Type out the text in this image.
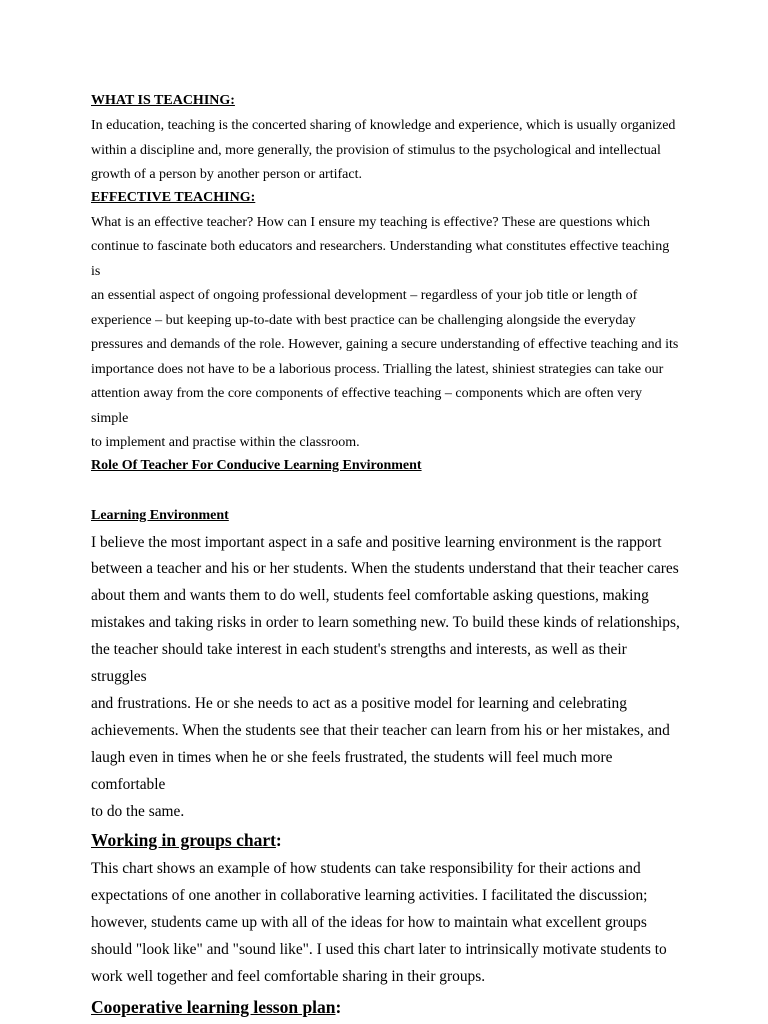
WHAT IS TEACHING:

In education, teaching is the concerted sharing of knowledge and experience, which is usually organized

within a discipline and, more generally, the provision of stimulus to the psychological and intellectual

growth of a person by another person or artifact.

EFFECTIVE TEACHING:

What is an effective teacher? How can I ensure my teaching is effective? These are questions which

continue to fascinate both educators and researchers. Understanding what constitutes effective teaching is

an essential aspect of ongoing professional development – regardless of your job title or length of

experience – but keeping up-to-date with best practice can be challenging alongside the everyday

pressures and demands of the role. However, gaining a secure understanding of effective teaching and its

importance does not have to be a laborious process. Trialling the latest, shiniest strategies can take our

attention away from the core components of effective teaching – components which are often very simple

to implement and practise within the classroom.

Role Of Teacher For Conducive Learning Environment

Learning Environment

I believe the most important aspect in a safe and positive learning environment is the rapport

between a teacher and his or her students. When the students understand that their teacher cares

about them and wants them to do well, students feel comfortable asking questions, making

mistakes and taking risks in order to learn something new. To build these kinds of relationships,

the teacher should take interest in each student's strengths and interests, as well as their struggles

and frustrations. He or she needs to act as a positive model for learning and celebrating

achievements. When the students see that their teacher can learn from his or her mistakes, and

laugh even in times when he or she feels frustrated, the students will feel much more comfortable

to do the same.

Working in groups chart:

This chart shows an example of how students can take responsibility for their actions and

expectations of one another in collaborative learning activities. I facilitated the discussion;

however, students came up with all of the ideas for how to maintain what excellent groups

should "look like" and "sound like". I used this chart later to intrinsically motivate students to

work well together and feel comfortable sharing in their groups.

Cooperative learning lesson plan:
